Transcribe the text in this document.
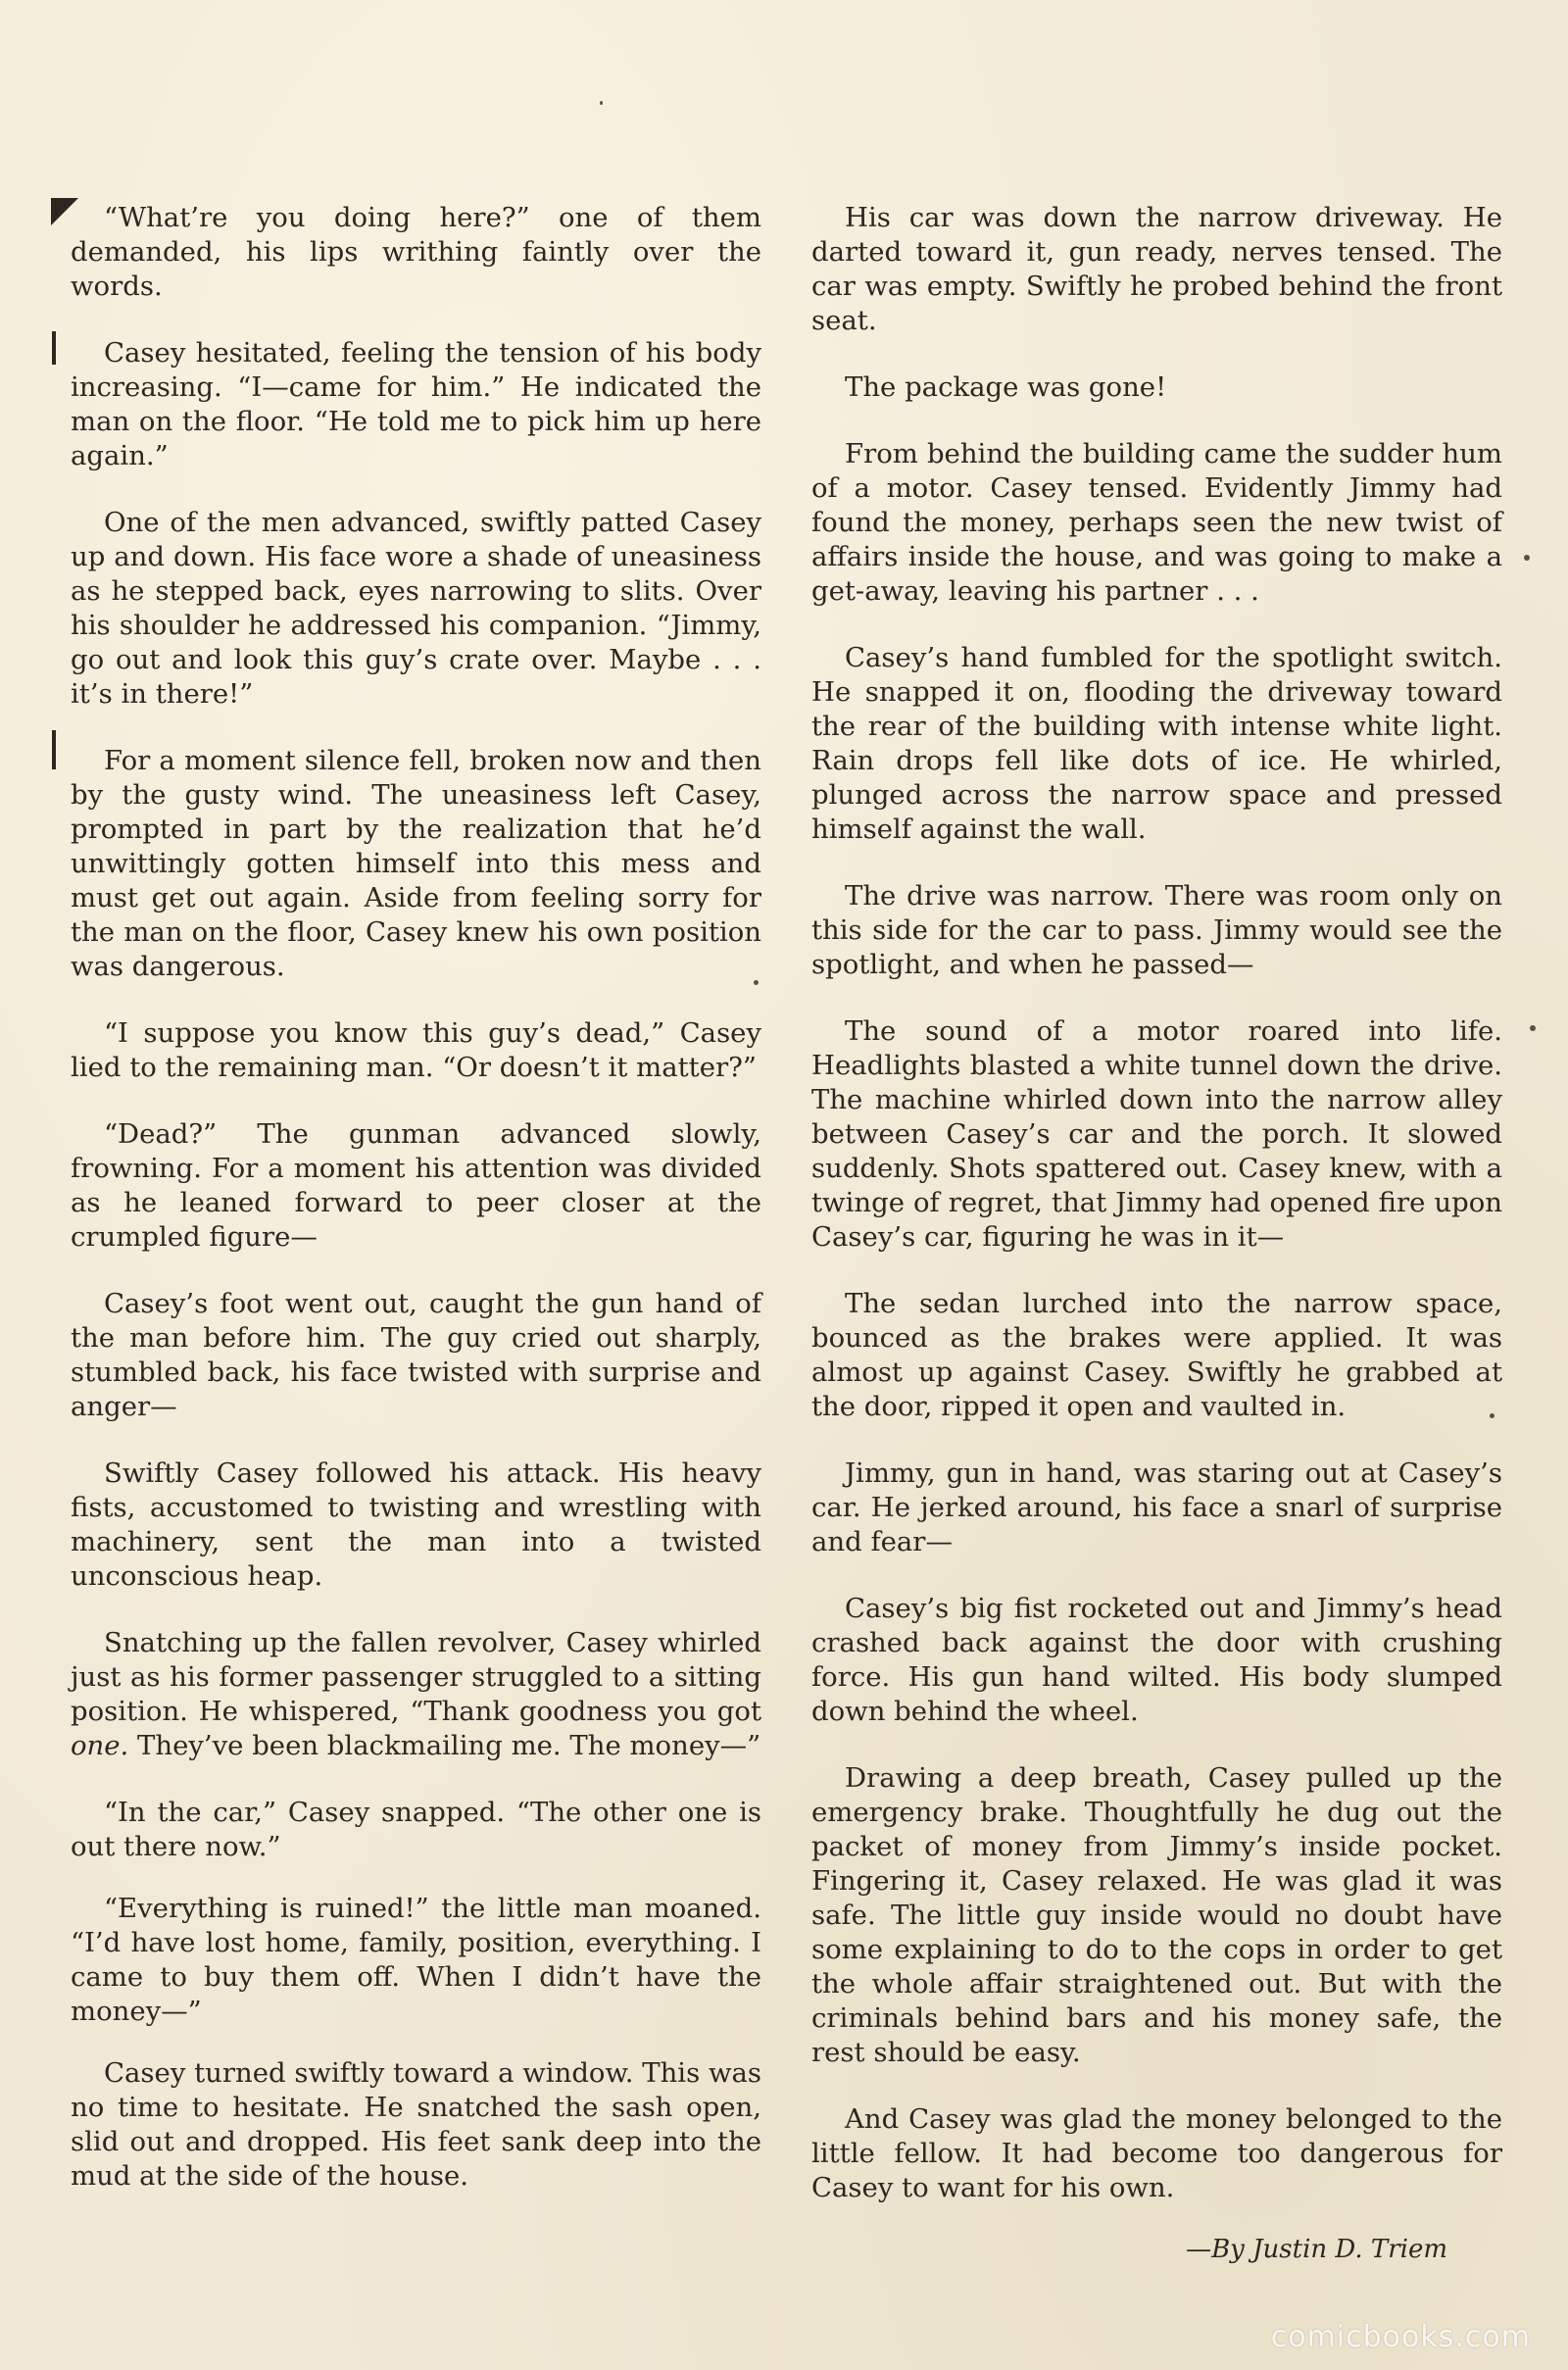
“What’re you doing here?” one of them demanded, his lips writhing faintly over the words.

Casey hesitated, feeling the tension of his body increasing. “I—came for him.” He indicated the man on the floor. “He told me to pick him up here again.”

One of the men advanced, swiftly patted Casey up and down. His face wore a shade of uneasiness as he stepped back, eyes narrowing to slits. Over his shoulder he addressed his companion. “Jimmy, go out and look this guy’s crate over. Maybe . . . it’s in there!”

For a moment silence fell, broken now and then by the gusty wind. The uneasiness left Casey, prompted in part by the realization that he’d unwittingly gotten himself into this mess and must get out again. Aside from feeling sorry for the man on the floor, Casey knew his own position was dangerous.

“I suppose you know this guy’s dead,” Casey lied to the remaining man. “Or doesn’t it matter?”

“Dead?” The gunman advanced slowly, frowning. For a moment his attention was divided as he leaned forward to peer closer at the crumpled figure—

Casey’s foot went out, caught the gun hand of the man before him. The guy cried out sharply, stumbled back, his face twisted with surprise and anger—

Swiftly Casey followed his attack. His heavy fists, accustomed to twisting and wrestling with machinery, sent the man into a twisted unconscious heap.

Snatching up the fallen revolver, Casey whirled just as his former passenger struggled to a sitting position. He whispered, “Thank goodness you got one. They’ve been blackmailing me. The money—”

“In the car,” Casey snapped. “The other one is out there now.”

“Everything is ruined!” the little man moaned. “I’d have lost home, family, position, everything. I came to buy them off. When I didn’t have the money—”

Casey turned swiftly toward a window. This was no time to hesitate. He snatched the sash open, slid out and dropped. His feet sank deep into the mud at the side of the house.

His car was down the narrow driveway. He darted toward it, gun ready, nerves tensed. The car was empty. Swiftly he probed behind the front seat.

The package was gone!

From behind the building came the sudder hum of a motor. Casey tensed. Evidently Jimmy had found the money, perhaps seen the new twist of affairs inside the house, and was going to make a get-away, leaving his partner . . .

Casey’s hand fumbled for the spotlight switch. He snapped it on, flooding the driveway toward the rear of the building with intense white light. Rain drops fell like dots of ice. He whirled, plunged across the narrow space and pressed himself against the wall.

The drive was narrow. There was room only on this side for the car to pass. Jimmy would see the spotlight, and when he passed—

The sound of a motor roared into life. Headlights blasted a white tunnel down the drive. The machine whirled down into the narrow alley between Casey’s car and the porch. It slowed suddenly. Shots spattered out. Casey knew, with a twinge of regret, that Jimmy had opened fire upon Casey’s car, figuring he was in it—

The sedan lurched into the narrow space, bounced as the brakes were applied. It was almost up against Casey. Swiftly he grabbed at the door, ripped it open and vaulted in.

Jimmy, gun in hand, was staring out at Casey’s car. He jerked around, his face a snarl of surprise and fear—

Casey’s big fist rocketed out and Jimmy’s head crashed back against the door with crushing force. His gun hand wilted. His body slumped down behind the wheel.

Drawing a deep breath, Casey pulled up the emergency brake. Thoughtfully he dug out the packet of money from Jimmy’s inside pocket. Fingering it, Casey relaxed. He was glad it was safe. The little guy inside would no doubt have some explaining to do to the cops in order to get the whole affair straightened out. But with the criminals behind bars and his money safe, the rest should be easy.

And Casey was glad the money belonged to the little fellow. It had become too dangerous for Casey to want for his own.

—By Justin D. Triem
comicbooks.com
